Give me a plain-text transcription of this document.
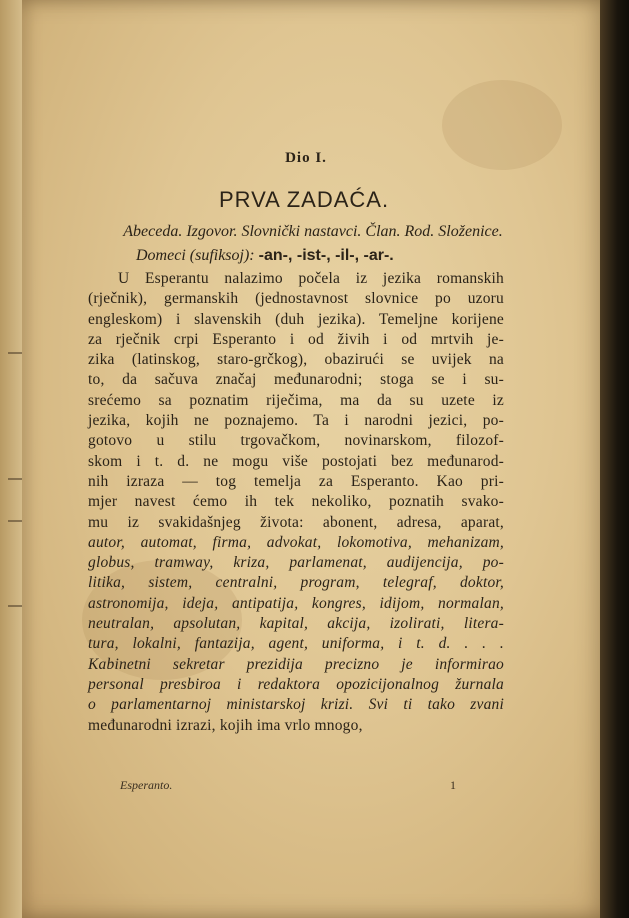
Dio I.
PRVA ZADAĆA.
Abeceda. Izgovor. Slovnički nastavci. Član. Rod. Složenice.
Domeci (sufiksoj): -an-, -ist-, -il-, -ar-.
U Esperantu nalazimo počela iz jezika romanskih
(rječnik), germanskih (jednostavnost slovnice po uzoru
engleskom) i slavenskih (duh jezika). Temeljne korijene
za rječnik crpi Esperanto i od živih i od mrtvih je-
zika (latinskog, staro-grčkog), obazirući se uvijek na
to, da sačuva značaj međunarodni; stoga se i su-
srećemo sa poznatim riječima, ma da su uzete iz
jezika, kojih ne poznajemo. Ta i narodni jezici, po-
gotovo u stilu trgovačkom, novinarskom, filozof-
skom i t. d. ne mogu više postojati bez međunarod-
nih izraza — tog temelja za Esperanto. Kao pri-
mjer navest ćemo ih tek nekoliko, poznatih svako-
mu iz svakidašnjeg života: abonent, adresa, aparat,
autor, automat, firma, advokat, lokomotiva, mehanizam,
globus, tramway, kriza, parlamenat, audijencija, po-
litika, sistem, centralni, program, telegraf, doktor,
astronomija, ideja, antipatija, kongres, idijom, normalan,
neutralan, apsolutan, kapital, akcija, izolirati, litera-
tura, lokalni, fantazija, agent, uniforma, i t. d. . . .
Kabinetni sekretar prezidija precizno je informirao
personal presbiroa i redaktora opozicijonalnog žurnala
o parlamentarnoj ministarskoj krizi. Svi ti tako zvani
međunarodni izrazi, kojih ima vrlo mnogo,
Esperanto.	1
